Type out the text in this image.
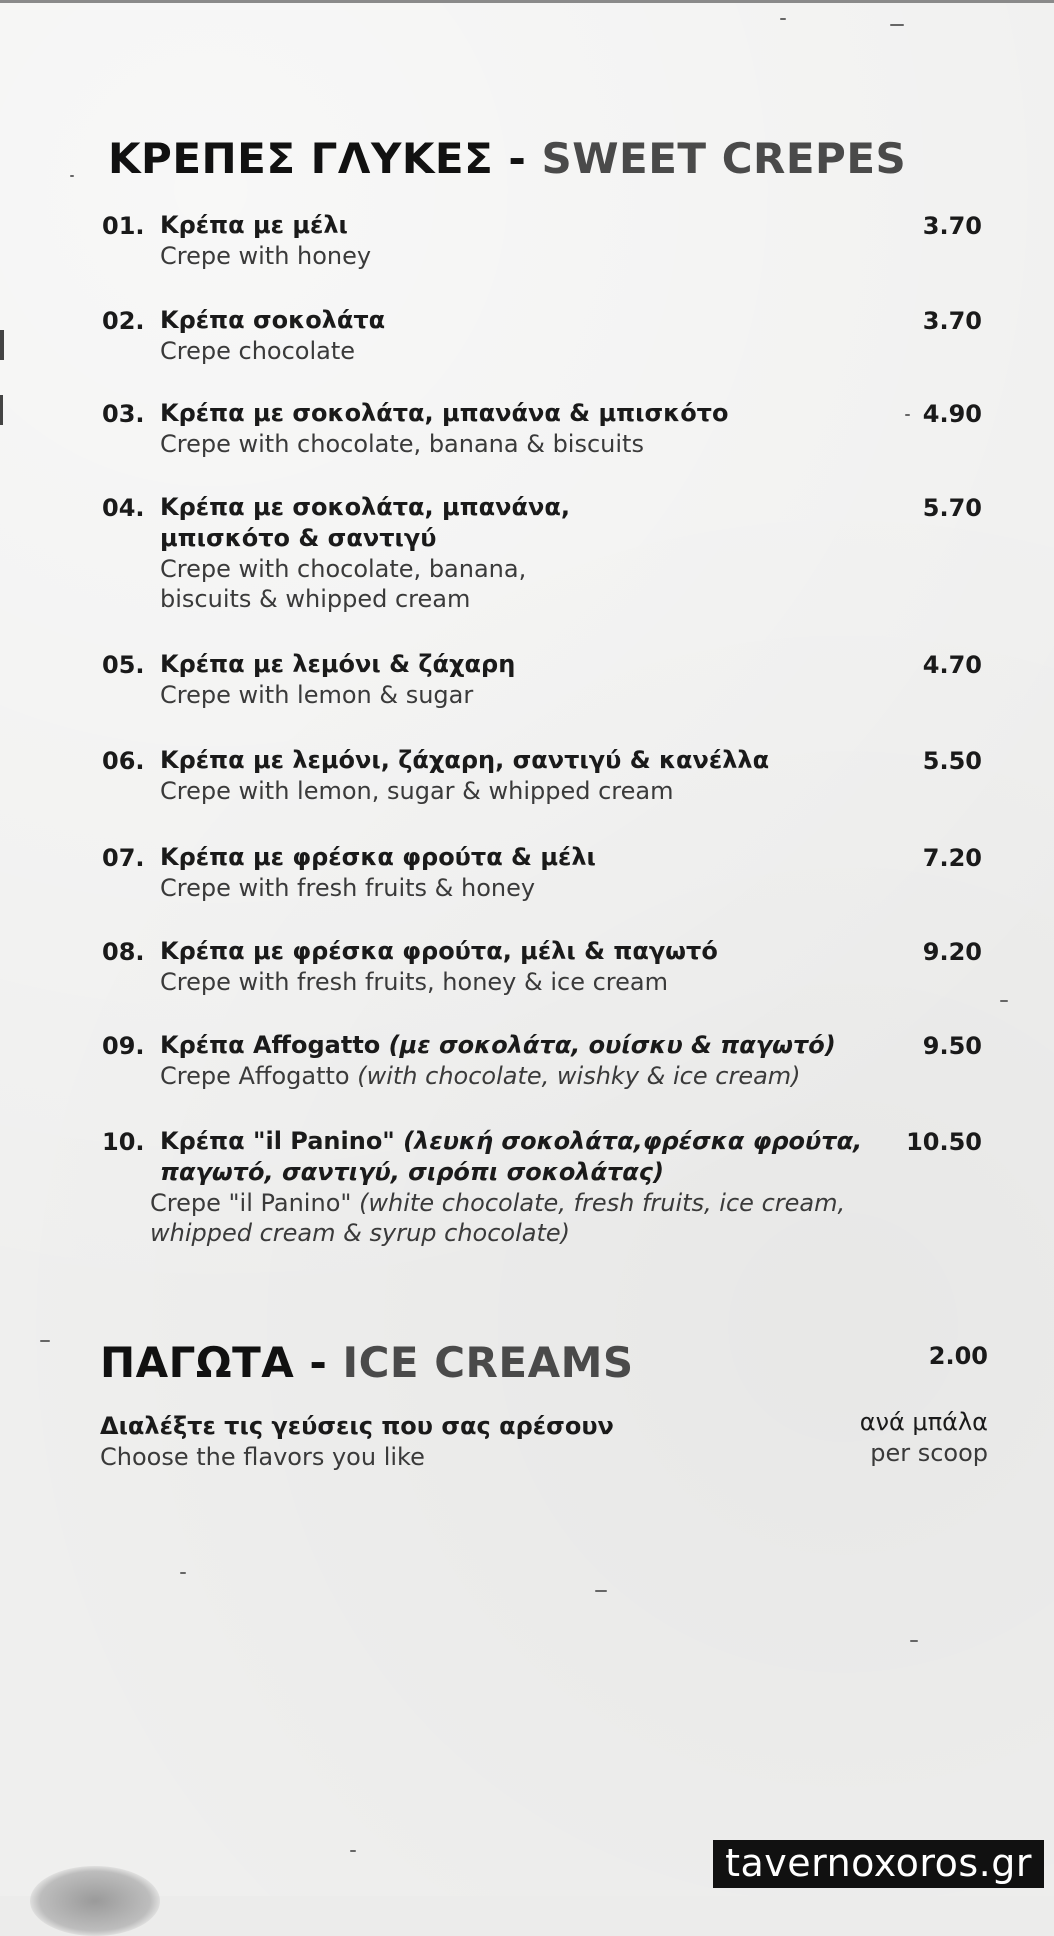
ΚΡΕΠΕΣ ΓΛΥΚΕΣ - SWEET CREPES
01. Κρέπα με μέλι
Crepe with honey
3.70
02. Κρέπα σοκολάτα
Crepe chocolate
3.70
03. Κρέπα με σοκολάτα, μπανάνα & μπισκότο
Crepe with chocolate, banana & biscuits
4.90
04. Κρέπα με σοκολάτα, μπανάνα,
μπισκότο & σαντιγύ
Crepe with chocolate, banana,
biscuits & whipped cream
5.70
05. Κρέπα με λεμόνι & ζάχαρη
Crepe with lemon & sugar
4.70
06. Κρέπα με λεμόνι, ζάχαρη, σαντιγύ & κανέλλα
Crepe with lemon, sugar & whipped cream
5.50
07. Κρέπα με φρέσκα φρούτα & μέλι
Crepe with fresh fruits & honey
7.20
08. Κρέπα με φρέσκα φρούτα, μέλι & παγωτό
Crepe with fresh fruits, honey & ice cream
9.20
09. Κρέπα Affogatto (με σοκολάτα, ουίσκυ & παγωτό)
Crepe Affogatto (with chocolate, wishky & ice cream)
9.50
10. Κρέπα "il Panino" (λευκή σοκολάτα,φρέσκα φρούτα,
παγωτό, σαντιγύ, σιρόπι σοκολάτας)
Crepe "il Panino" (white chocolate, fresh fruits, ice cream,
whipped cream & syrup chocolate)
10.50
ΠΑΓΩΤΑ - ICE CREAMS	2.00
Διαλέξτε τις γεύσεις που σας αρέσουν
Choose the flavors you like
ανά μπάλα
per scoop
tavernoxoros.gr
